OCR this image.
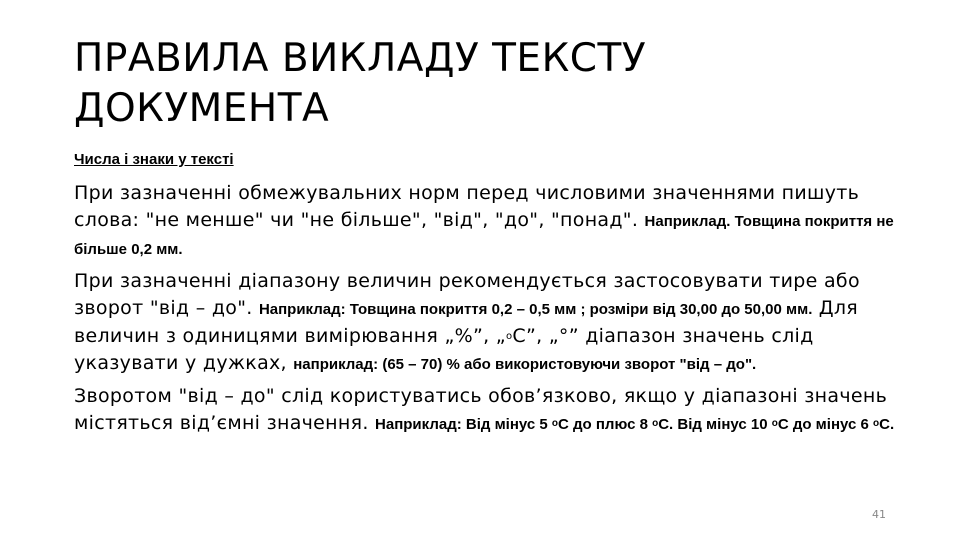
ПРАВИЛА ВИКЛАДУ ТЕКСТУ ДОКУМЕНТА
Числа і знаки у тексті

При зазначенні обмежувальних норм перед числовими значеннями пишуть слова: "не менше" чи "не більше", "від", "до", "понад". Наприклад. Товщина покриття не більше 0,2 мм.

При зазначенні діапазону величин рекомендується застосовувати тире або зворот "від – до". Наприклад: Товщина покриття 0,2 – 0,5 мм ; розміри від 30,00 до 50,00 мм. Для величин з одиницями вимірювання „%”, „$^о$С”, „°” діапазон значень слід указувати у дужках, наприклад: (65 – 70) % або використовуючи зворот "від – до".

Зворотом "від – до" слід користуватись обов’язково, якщо у діапазоні значень містяться від’ємні значення. Наприклад: Від мінус 5 $^о$С до плюс 8 $^о$С. Від мінус 10 $^о$С до мінус 6 $^о$С.

41
